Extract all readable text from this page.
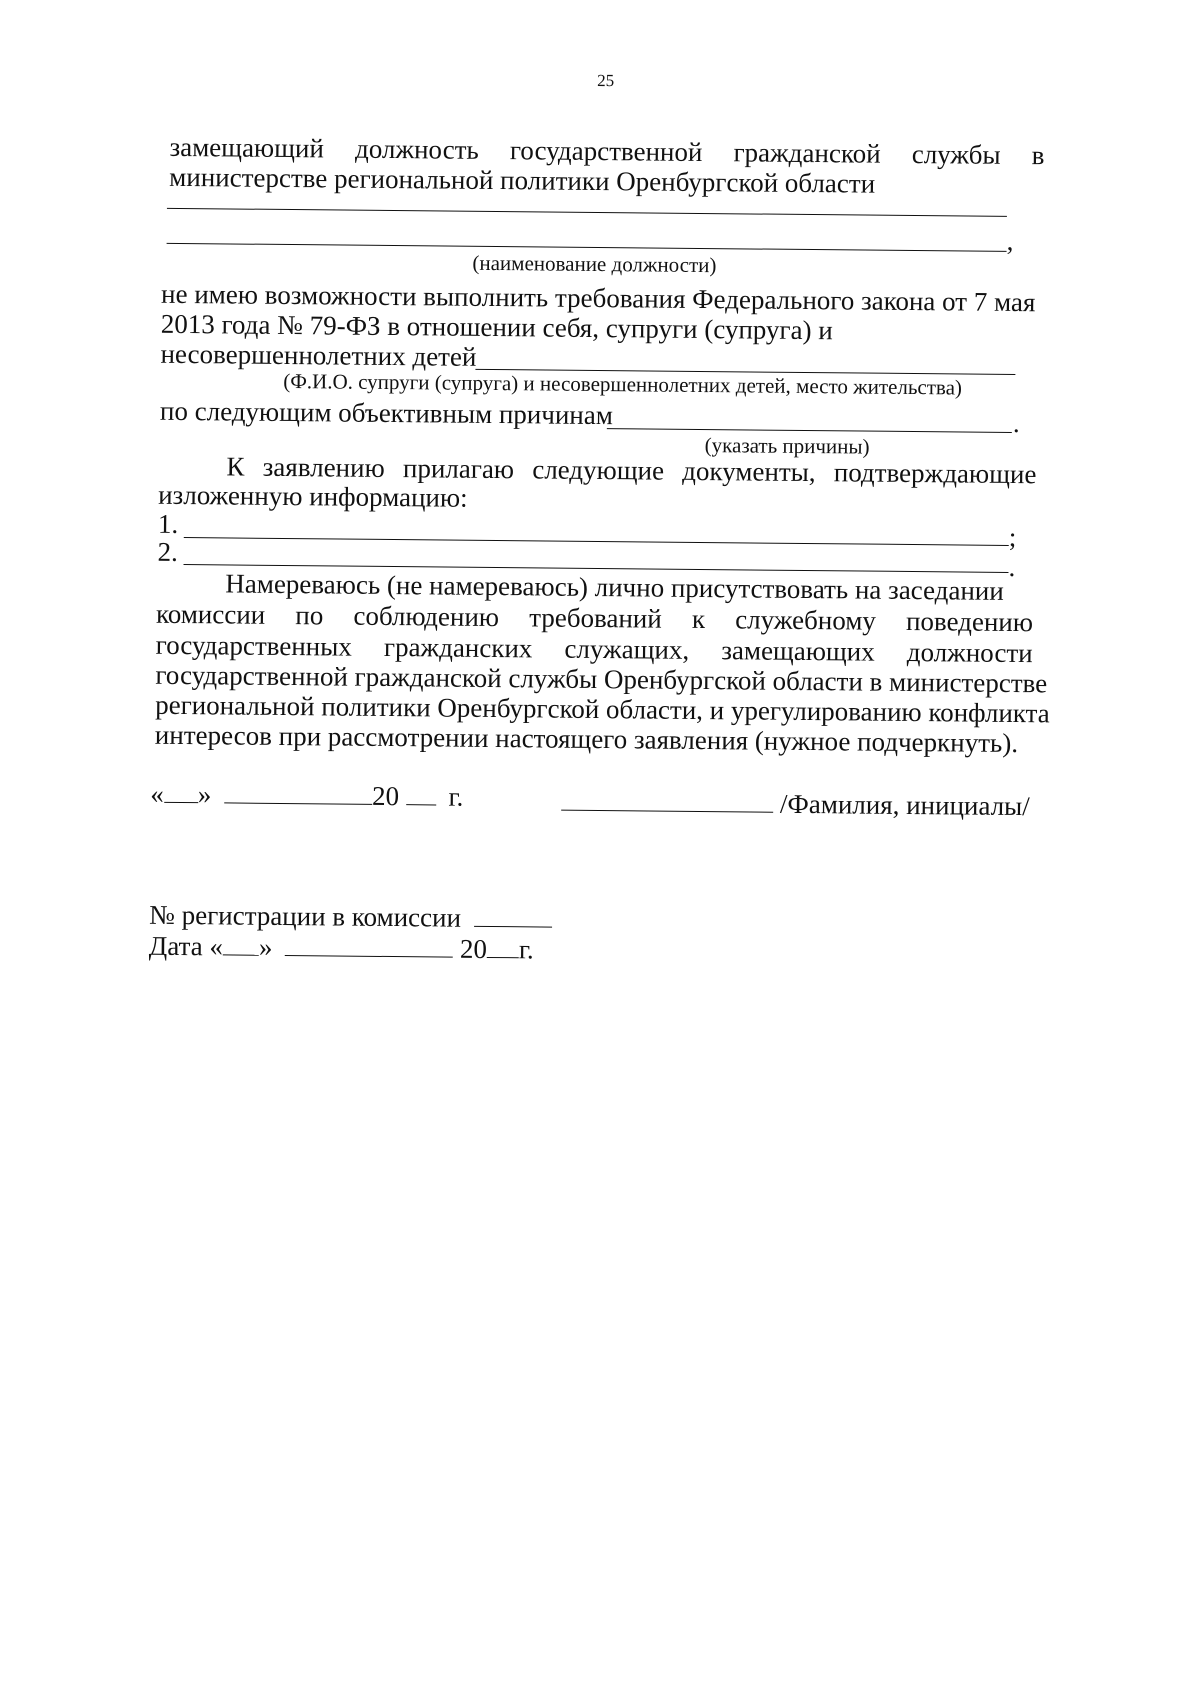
25
замещающий должность государственной гражданской службы в
министерстве региональной политики Оренбургской области
,
(наименование должности)
не имею возможности выполнить требования Федерального закона от 7 мая
2013 года № 79-ФЗ в отношении себя, супруги (супруга) и
несовершеннолетних детей
(Ф.И.О. супруги (супруга) и несовершеннолетних детей, место жительства)
по следующим объективным причинам	.
(указать причины)
К заявлению прилагаю следующие документы, подтверждающие
изложенную информацию:
1.	;
2.
.
Намереваюсь (не намереваюсь) лично присутствовать на заседании
комиссии по соблюдению требований к служебному поведению
государственных гражданских служащих, замещающих должности
государственной гражданской службы Оренбургской области в министерстве
региональной политики Оренбургской области, и урегулированию конфликта
интересов при рассмотрении настоящего заявления (нужное подчеркнуть).
« »	20 г.	/Фамилия, инициалы/
№ регистрации в комиссии
Дата « »	20 г.
